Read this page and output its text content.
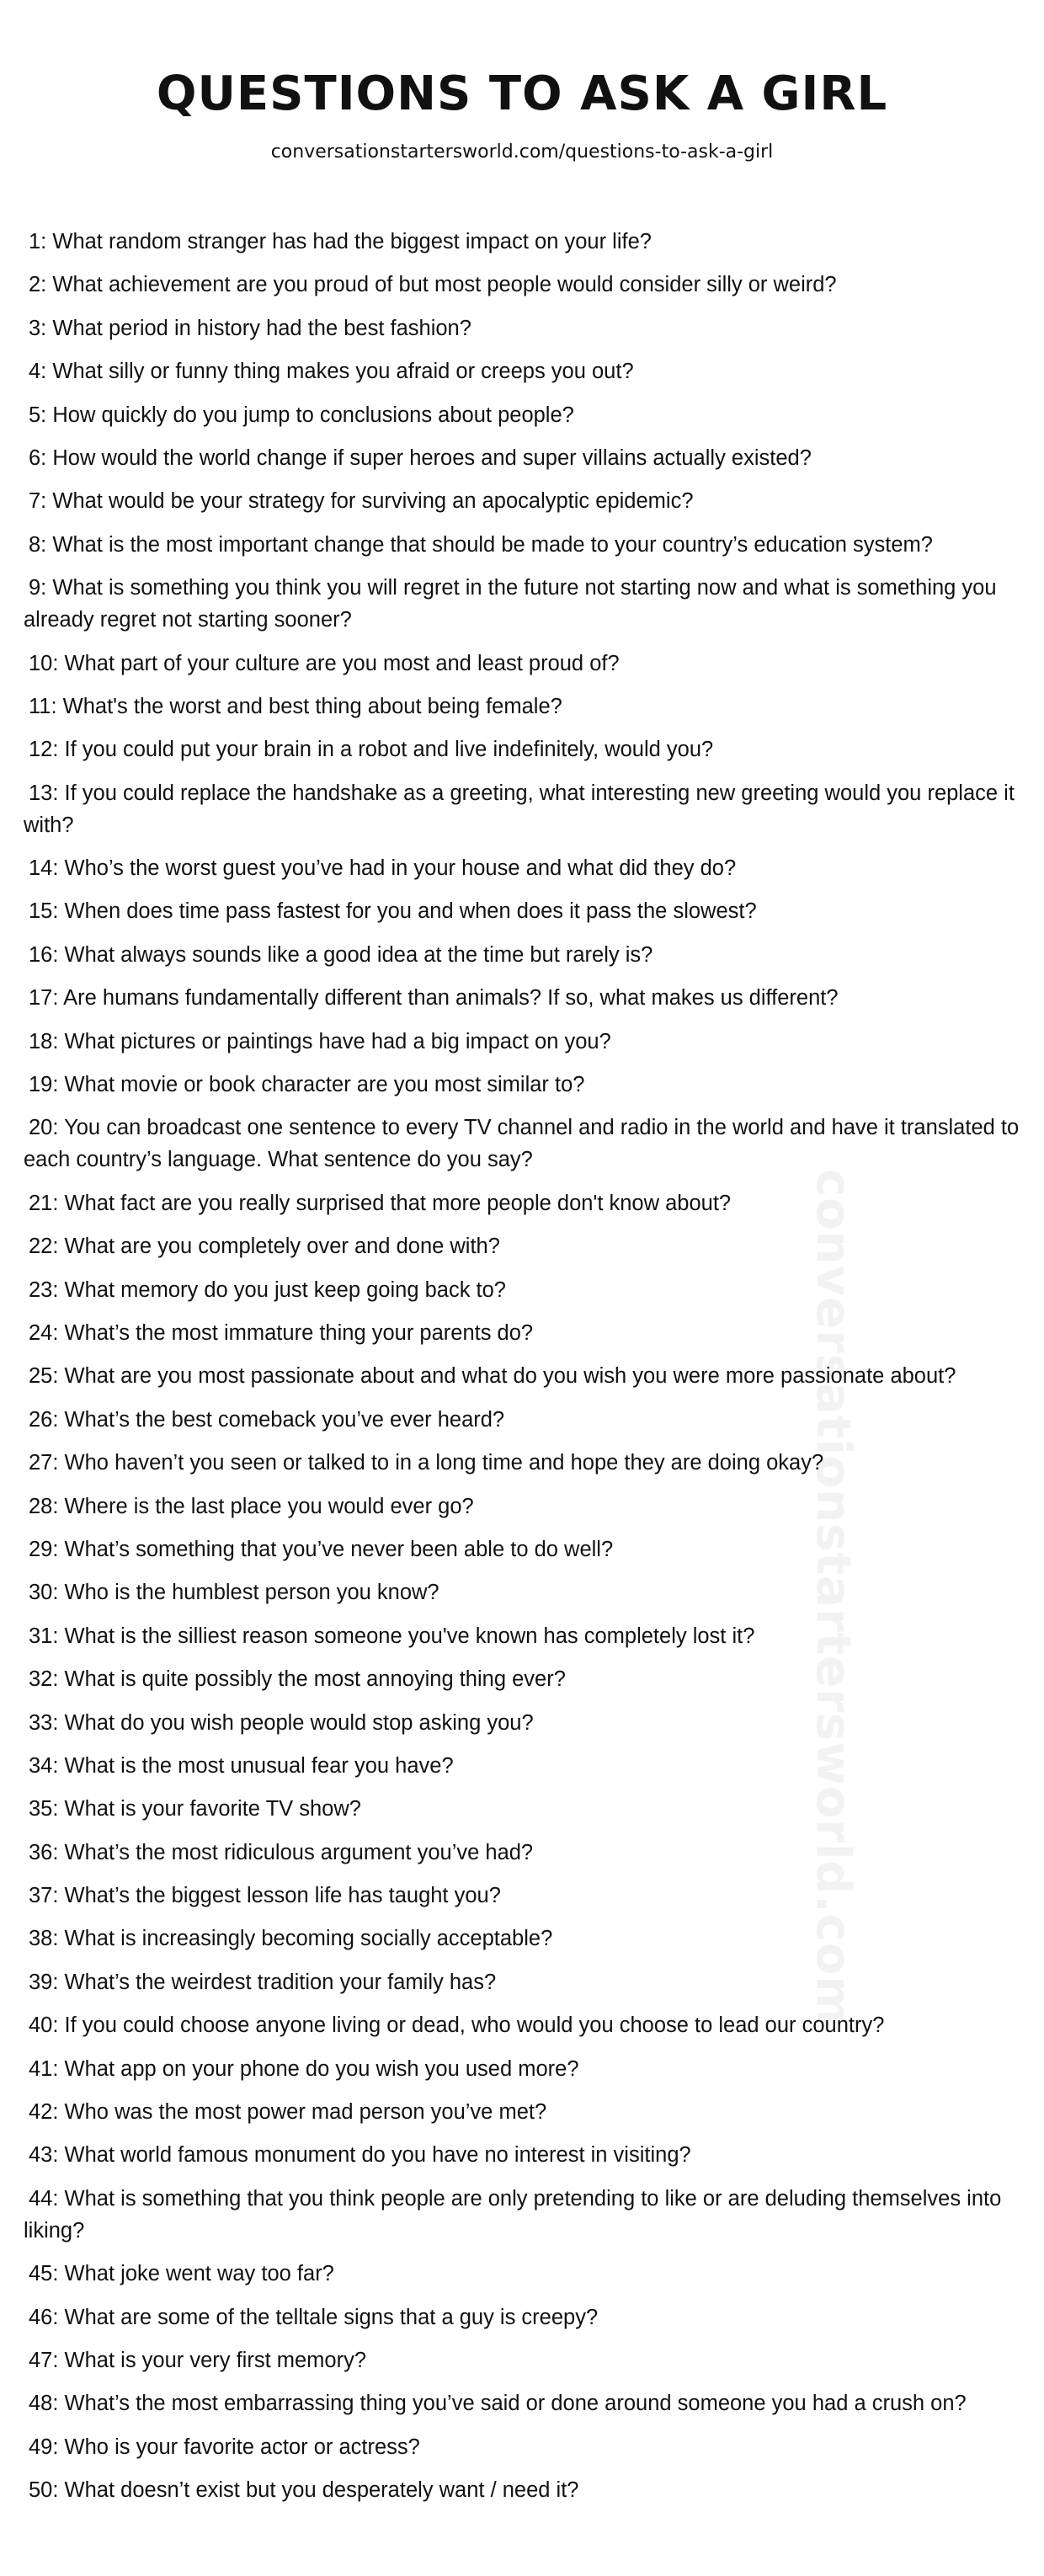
conversationstartersworld.com
QUESTIONS TO ASK A GIRL
conversationstartersworld.com/questions-to-ask-a-girl
1: What random stranger has had the biggest impact on your life?
2: What achievement are you proud of but most people would consider silly or weird?
3: What period in history had the best fashion?
4: What silly or funny thing makes you afraid or creeps you out?
5: How quickly do you jump to conclusions about people?
6: How would the world change if super heroes and super villains actually existed?
7: What would be your strategy for surviving an apocalyptic epidemic?
8: What is the most important change that should be made to your country’s education system?
9: What is something you think you will regret in the future not starting now and what is something you already regret not starting sooner?
10: What part of your culture are you most and least proud of?
11: What's the worst and best thing about being female?
12: If you could put your brain in a robot and live indefinitely, would you?
13: If you could replace the handshake as a greeting, what interesting new greeting would you replace it with?
14: Who’s the worst guest you’ve had in your house and what did they do?
15: When does time pass fastest for you and when does it pass the slowest?
16: What always sounds like a good idea at the time but rarely is?
17: Are humans fundamentally different than animals? If so, what makes us different?
18: What pictures or paintings have had a big impact on you?
19: What movie or book character are you most similar to?
20: You can broadcast one sentence to every TV channel and radio in the world and have it translated to each country’s language. What sentence do you say?
21: What fact are you really surprised that more people don't know about?
22: What are you completely over and done with?
23: What memory do you just keep going back to?
24: What’s the most immature thing your parents do?
25: What are you most passionate about and what do you wish you were more passionate about?
26: What’s the best comeback you’ve ever heard?
27: Who haven’t you seen or talked to in a long time and hope they are doing okay?
28: Where is the last place you would ever go?
29: What’s something that you’ve never been able to do well?
30: Who is the humblest person you know?
31: What is the silliest reason someone you've known has completely lost it?
32: What is quite possibly the most annoying thing ever?
33: What do you wish people would stop asking you?
34: What is the most unusual fear you have?
35: What is your favorite TV show?
36: What’s the most ridiculous argument you’ve had?
37: What’s the biggest lesson life has taught you?
38: What is increasingly becoming socially acceptable?
39: What’s the weirdest tradition your family has?
40: If you could choose anyone living or dead, who would you choose to lead our country?
41: What app on your phone do you wish you used more?
42: Who was the most power mad person you’ve met?
43: What world famous monument do you have no interest in visiting?
44: What is something that you think people are only pretending to like or are deluding themselves into liking?
45: What joke went way too far?
46: What are some of the telltale signs that a guy is creepy?
47: What is your very first memory?
48: What’s the most embarrassing thing you’ve said or done around someone you had a crush on?
49: Who is your favorite actor or actress?
50: What doesn’t exist but you desperately want / need it?
